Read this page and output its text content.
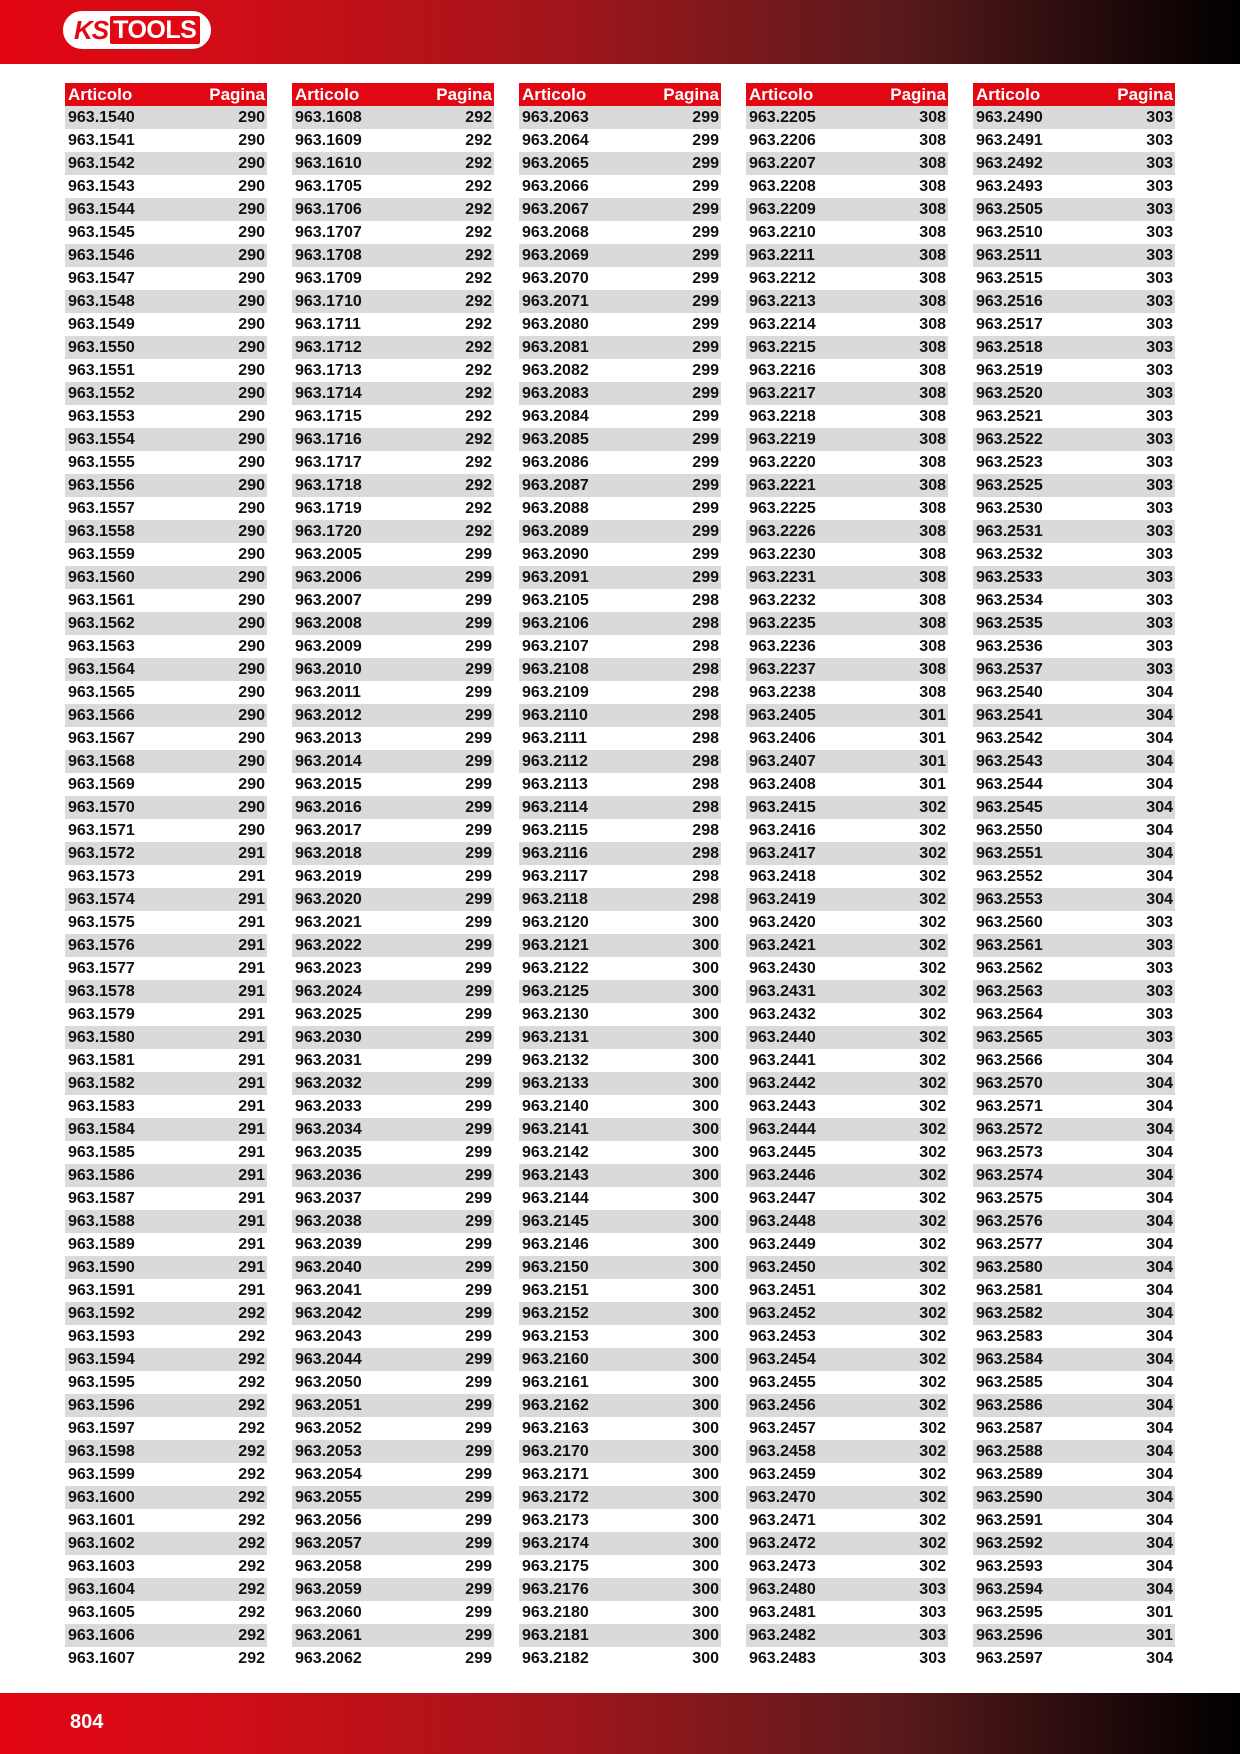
KS TOOLS
Articolo	Pagina
963.1540	290
963.1541	290
963.1542	290
963.1543	290
963.1544	290
963.1545	290
963.1546	290
963.1547	290
963.1548	290
963.1549	290
963.1550	290
963.1551	290
963.1552	290
963.1553	290
963.1554	290
963.1555	290
963.1556	290
963.1557	290
963.1558	290
963.1559	290
963.1560	290
963.1561	290
963.1562	290
963.1563	290
963.1564	290
963.1565	290
963.1566	290
963.1567	290
963.1568	290
963.1569	290
963.1570	290
963.1571	290
963.1572	291
963.1573	291
963.1574	291
963.1575	291
963.1576	291
963.1577	291
963.1578	291
963.1579	291
963.1580	291
963.1581	291
963.1582	291
963.1583	291
963.1584	291
963.1585	291
963.1586	291
963.1587	291
963.1588	291
963.1589	291
963.1590	291
963.1591	291
963.1592	292
963.1593	292
963.1594	292
963.1595	292
963.1596	292
963.1597	292
963.1598	292
963.1599	292
963.1600	292
963.1601	292
963.1602	292
963.1603	292
963.1604	292
963.1605	292
963.1606	292
963.1607	292
Articolo	Pagina
963.1608	292
963.1609	292
963.1610	292
963.1705	292
963.1706	292
963.1707	292
963.1708	292
963.1709	292
963.1710	292
963.1711	292
963.1712	292
963.1713	292
963.1714	292
963.1715	292
963.1716	292
963.1717	292
963.1718	292
963.1719	292
963.1720	292
963.2005	299
963.2006	299
963.2007	299
963.2008	299
963.2009	299
963.2010	299
963.2011	299
963.2012	299
963.2013	299
963.2014	299
963.2015	299
963.2016	299
963.2017	299
963.2018	299
963.2019	299
963.2020	299
963.2021	299
963.2022	299
963.2023	299
963.2024	299
963.2025	299
963.2030	299
963.2031	299
963.2032	299
963.2033	299
963.2034	299
963.2035	299
963.2036	299
963.2037	299
963.2038	299
963.2039	299
963.2040	299
963.2041	299
963.2042	299
963.2043	299
963.2044	299
963.2050	299
963.2051	299
963.2052	299
963.2053	299
963.2054	299
963.2055	299
963.2056	299
963.2057	299
963.2058	299
963.2059	299
963.2060	299
963.2061	299
963.2062	299
Articolo	Pagina
963.2063	299
963.2064	299
963.2065	299
963.2066	299
963.2067	299
963.2068	299
963.2069	299
963.2070	299
963.2071	299
963.2080	299
963.2081	299
963.2082	299
963.2083	299
963.2084	299
963.2085	299
963.2086	299
963.2087	299
963.2088	299
963.2089	299
963.2090	299
963.2091	299
963.2105	298
963.2106	298
963.2107	298
963.2108	298
963.2109	298
963.2110	298
963.2111	298
963.2112	298
963.2113	298
963.2114	298
963.2115	298
963.2116	298
963.2117	298
963.2118	298
963.2120	300
963.2121	300
963.2122	300
963.2125	300
963.2130	300
963.2131	300
963.2132	300
963.2133	300
963.2140	300
963.2141	300
963.2142	300
963.2143	300
963.2144	300
963.2145	300
963.2146	300
963.2150	300
963.2151	300
963.2152	300
963.2153	300
963.2160	300
963.2161	300
963.2162	300
963.2163	300
963.2170	300
963.2171	300
963.2172	300
963.2173	300
963.2174	300
963.2175	300
963.2176	300
963.2180	300
963.2181	300
963.2182	300
Articolo	Pagina
963.2205	308
963.2206	308
963.2207	308
963.2208	308
963.2209	308
963.2210	308
963.2211	308
963.2212	308
963.2213	308
963.2214	308
963.2215	308
963.2216	308
963.2217	308
963.2218	308
963.2219	308
963.2220	308
963.2221	308
963.2225	308
963.2226	308
963.2230	308
963.2231	308
963.2232	308
963.2235	308
963.2236	308
963.2237	308
963.2238	308
963.2405	301
963.2406	301
963.2407	301
963.2408	301
963.2415	302
963.2416	302
963.2417	302
963.2418	302
963.2419	302
963.2420	302
963.2421	302
963.2430	302
963.2431	302
963.2432	302
963.2440	302
963.2441	302
963.2442	302
963.2443	302
963.2444	302
963.2445	302
963.2446	302
963.2447	302
963.2448	302
963.2449	302
963.2450	302
963.2451	302
963.2452	302
963.2453	302
963.2454	302
963.2455	302
963.2456	302
963.2457	302
963.2458	302
963.2459	302
963.2470	302
963.2471	302
963.2472	302
963.2473	302
963.2480	303
963.2481	303
963.2482	303
963.2483	303
Articolo	Pagina
963.2490	303
963.2491	303
963.2492	303
963.2493	303
963.2505	303
963.2510	303
963.2511	303
963.2515	303
963.2516	303
963.2517	303
963.2518	303
963.2519	303
963.2520	303
963.2521	303
963.2522	303
963.2523	303
963.2525	303
963.2530	303
963.2531	303
963.2532	303
963.2533	303
963.2534	303
963.2535	303
963.2536	303
963.2537	303
963.2540	304
963.2541	304
963.2542	304
963.2543	304
963.2544	304
963.2545	304
963.2550	304
963.2551	304
963.2552	304
963.2553	304
963.2560	303
963.2561	303
963.2562	303
963.2563	303
963.2564	303
963.2565	303
963.2566	304
963.2570	304
963.2571	304
963.2572	304
963.2573	304
963.2574	304
963.2575	304
963.2576	304
963.2577	304
963.2580	304
963.2581	304
963.2582	304
963.2583	304
963.2584	304
963.2585	304
963.2586	304
963.2587	304
963.2588	304
963.2589	304
963.2590	304
963.2591	304
963.2592	304
963.2593	304
963.2594	304
963.2595	301
963.2596	301
963.2597	304
804
